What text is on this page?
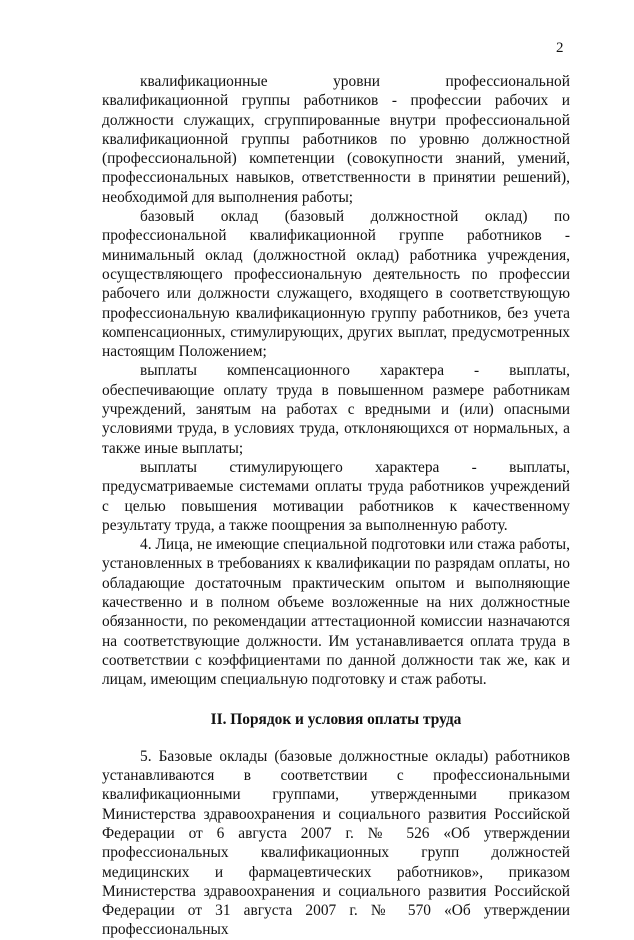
2

квалификационные уровни профессиональной квалификационной группы работников - профессии рабочих и должности служащих, сгруппированные внутри профессиональной квалификационной группы работников по уровню должностной (профессиональной) компетенции (совокупности знаний, умений, профессиональных навыков, ответственности в принятии решений), необходимой для выполнения работы;

базовый оклад (базовый должностной оклад) по профессиональной квалификационной группе работников - минимальный оклад (должностной оклад) работника учреждения, осуществляющего профессиональную деятельность по профессии рабочего или должности служащего, входящего в соответствующую профессиональную квалификационную группу работников, без учета компенсационных, стимулирующих, других выплат, предусмотренных настоящим Положением;

выплаты компенсационного характера - выплаты, обеспечивающие оплату труда в повышенном размере работникам учреждений, занятым на работах с вредными и (или) опасными условиями труда, в условиях труда, отклоняющихся от нормальных, а также иные выплаты;

выплаты стимулирующего характера - выплаты, предусматриваемые системами оплаты труда работников учреждений с целью повышения мотивации работников к качественному результату труда, а также поощрения за выполненную работу.

4. Лица, не имеющие специальной подготовки или стажа работы, установленных в требованиях к квалификации по разрядам оплаты, но обладающие достаточным практическим опытом и выполняющие качественно и в полном объеме возложенные на них должностные обязанности, по рекомендации аттестационной комиссии назначаются на соответствующие должности. Им устанавливается оплата труда в соответствии с коэффициентами по данной должности так же, как и лицам, имеющим специальную подготовку и стаж работы.

II. Порядок и условия оплаты труда

5. Базовые оклады (базовые должностные оклады) работников устанавливаются в соответствии с профессиональными квалификационными группами, утвержденными приказом Министерства здравоохранения и социального развития Российской Федерации от 6 августа 2007 г. № 526 «Об утверждении профессиональных квалификационных групп должностей медицинских и фармацевтических работников», приказом Министерства здравоохранения и социального развития Российской Федерации от 31 августа 2007 г. № 570 «Об утверждении профессиональных
